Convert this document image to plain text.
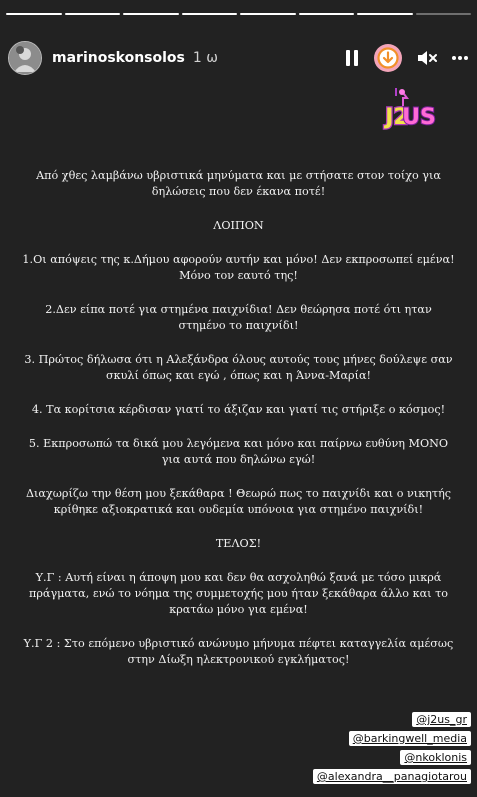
marinoskonsolos 1 ω
J2
US

Από χθες λαμβάνω υβριστικά μηνύματα και με στήσατε στον τοίχο για δηλώσεις που δεν έκανα ποτέ!

ΛΟΙΠΟΝ

1.Οι απόψεις της κ.Δήμου αφορούν αυτήν και μόνο! Δεν εκπροσωπεί εμένα! Μόνο τον εαυτό της!

2.Δεν είπα ποτέ για στημένα παιχνίδια! Δεν θεώρησα ποτέ ότι ηταν στημένο το παιχνίδι!

3. Πρώτος δήλωσα ότι η Αλεξάνδρα όλους αυτούς τους μήνες δούλεψε σαν σκυλί όπως και εγώ , όπως και η Άννα-Μαρία!

4. Τα κορίτσια κέρδισαν γιατί το άξιζαν και γιατί τις στήριξε ο κόσμος!

5. Εκπροσωπώ τα δικά μου λεγόμενα και μόνο και παίρνω ευθύνη ΜΟΝΟ για αυτά που δηλώνω εγώ!

Διαχωρίζω την θέση μου ξεκάθαρα ! Θεωρώ πως το παιχνίδι και ο νικητής κρίθηκε αξιοκρατικά και ουδεμία υπόνοια για στημένο παιχνίδι!

ΤΕΛΟΣ!

Υ.Γ : Αυτή είναι η άποψη μου και δεν θα ασχοληθώ ξανά με τόσο μικρά πράγματα, ενώ το νόημα της συμμετοχής μου ήταν ξεκάθαρα άλλο και το κρατάω μόνο για εμένα!

Υ.Γ 2 : Στο επόμενο υβριστικό ανώνυμο μήνυμα πέφτει καταγγελία αμέσως στην Δίωξη ηλεκτρονικού εγκλήματος!

@j2us_gr
@barkingwell_media
@nkoklonis
@alexandra__panagiotarou
